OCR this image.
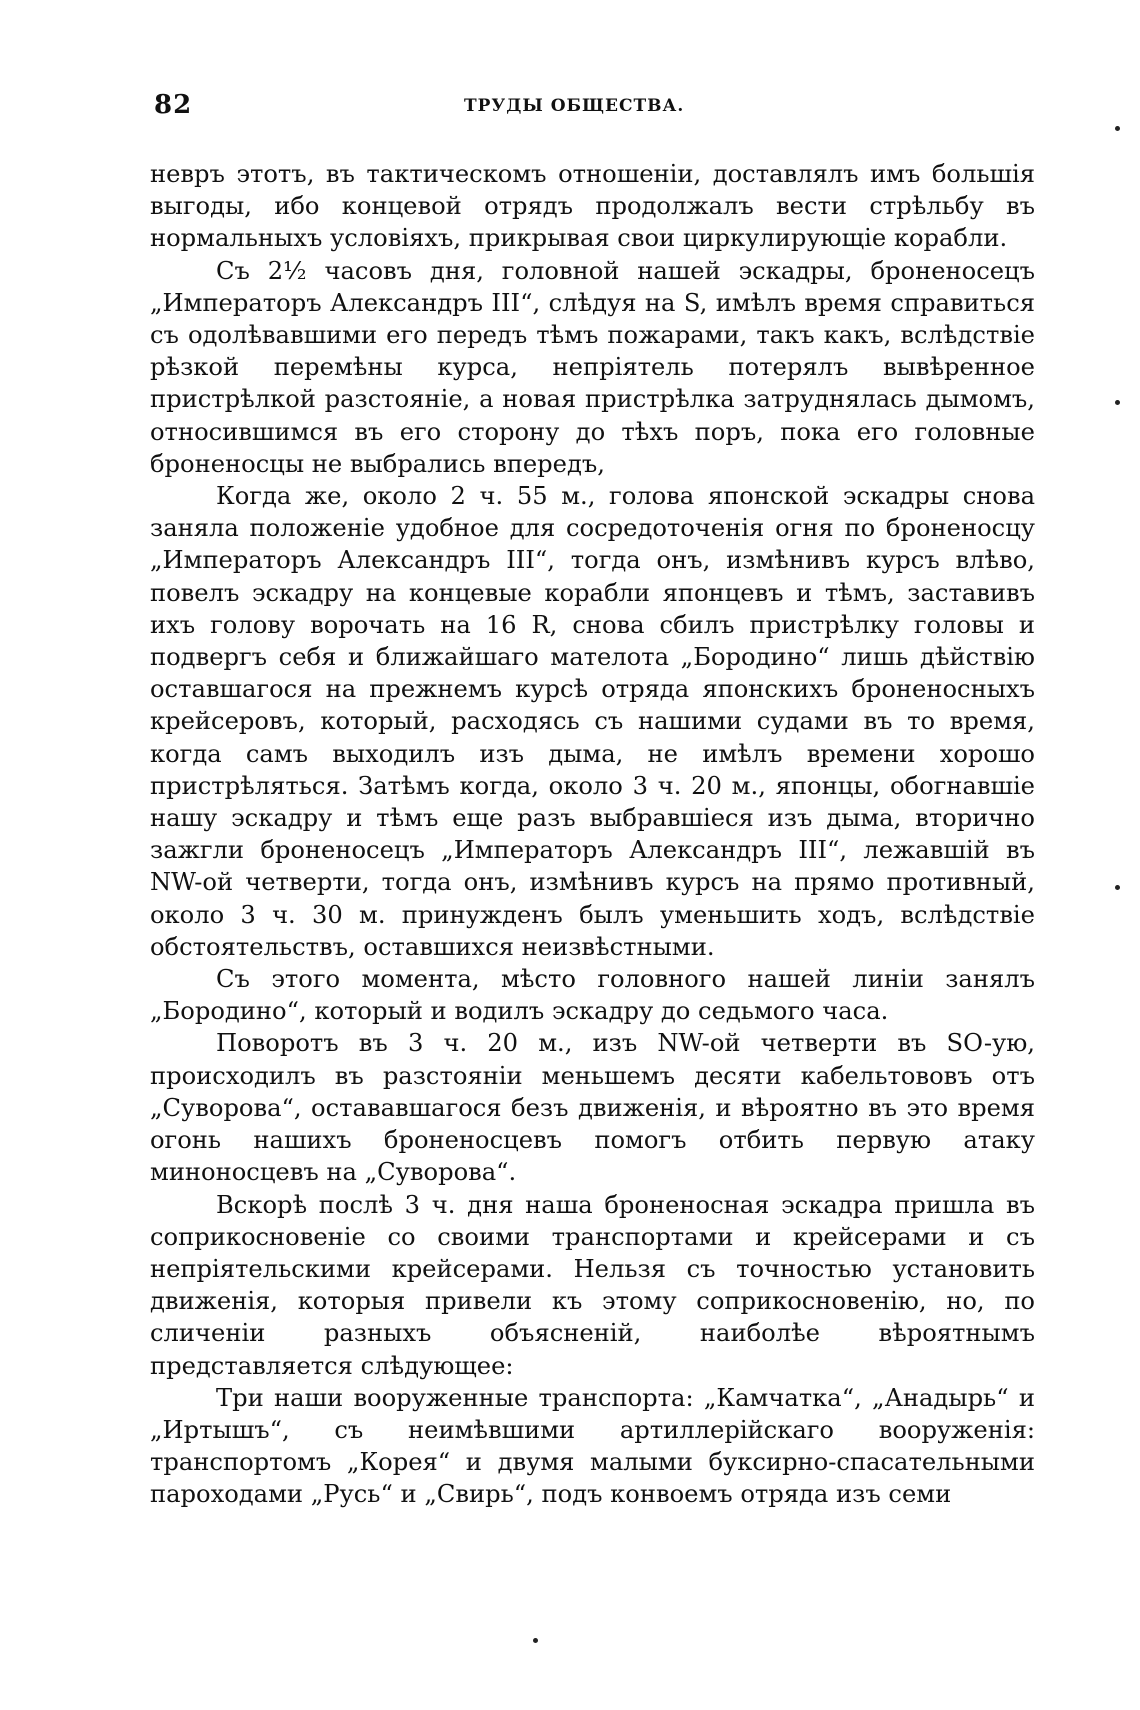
82	ТРУДЫ ОБЩЕСТВА.

невръ этотъ, въ тактическомъ отношеніи, доставлялъ имъ большія выгоды, ибо концевой отрядъ продолжалъ вести стрѣльбу въ нормальныхъ условіяхъ, прикрывая свои циркулирующіе корабли.

Съ 2½ часовъ дня, головной нашей эскадры, броненосецъ „Императоръ Александръ III“, слѣдуя на S, имѣлъ время справиться съ одолѣвавшими его передъ тѣмъ пожарами, такъ какъ, вслѣдствіе рѣзкой перемѣны курса, непріятель потерялъ вывѣренное пристрѣлкой разстояніе, а новая пристрѣлка затруднялась дымомъ, относившимся въ его сторону до тѣхъ поръ, пока его головные броненосцы не выбрались впередъ,

Когда же, около 2 ч. 55 м., голова японской эскадры снова заняла положеніе удобное для сосредоточенія огня по броненосцу „Императоръ Александръ III“, тогда онъ, измѣнивъ курсъ влѣво, повелъ эскадру на концевые корабли японцевъ и тѣмъ, заставивъ ихъ голову ворочать на 16 R, снова сбилъ пристрѣлку головы и подвергъ себя и ближайшаго мателота „Бородино“ лишь дѣйствію оставшагося на прежнемъ курсѣ отряда японскихъ броненосныхъ крейсеровъ, который, расходясь съ нашими судами въ то время, когда самъ выходилъ изъ дыма, не имѣлъ времени хорошо пристрѣляться. Затѣмъ когда, около 3 ч. 20 м., японцы, обогнавшіе нашу эскадру и тѣмъ еще разъ выбравшіеся изъ дыма, вторично зажгли броненосецъ „Императоръ Александръ III“, лежавшій въ NW-ой четверти, тогда онъ, измѣнивъ курсъ на прямо противный, около 3 ч. 30 м. принужденъ былъ уменьшить ходъ, вслѣдствіе обстоятельствъ, оставшихся неизвѣстными.

Съ этого момента, мѣсто головного нашей линіи занялъ „Бородино“, который и водилъ эскадру до седьмого часа.

Поворотъ въ 3 ч. 20 м., изъ NW-ой четверти въ SO-ую, происходилъ въ разстояніи меньшемъ десяти кабельтововъ отъ „Суворова“, остававшагося безъ движенія, и вѣроятно въ это время огонь нашихъ броненосцевъ помогъ отбить первую атаку миноносцевъ на „Суворова“.

Вскорѣ послѣ 3 ч. дня наша броненосная эскадра пришла въ соприкосновеніе со своими транспортами и крейсерами и съ непріятельскими крейсерами. Нельзя съ точностью установить движенія, которыя привели къ этому соприкосновенію, но, по сличеніи разныхъ объясненій, наиболѣе вѣроятнымъ представляется слѣдующее:

Три наши вооруженные транспорта: „Камчатка“, „Анадырь“ и „Иртышъ“, съ неимѣвшими артиллерійскаго вооруженія: транспортомъ „Корея“ и двумя малыми буксирно-спасательными пароходами „Русь“ и „Свирь“, подъ конвоемъ отряда изъ семи
